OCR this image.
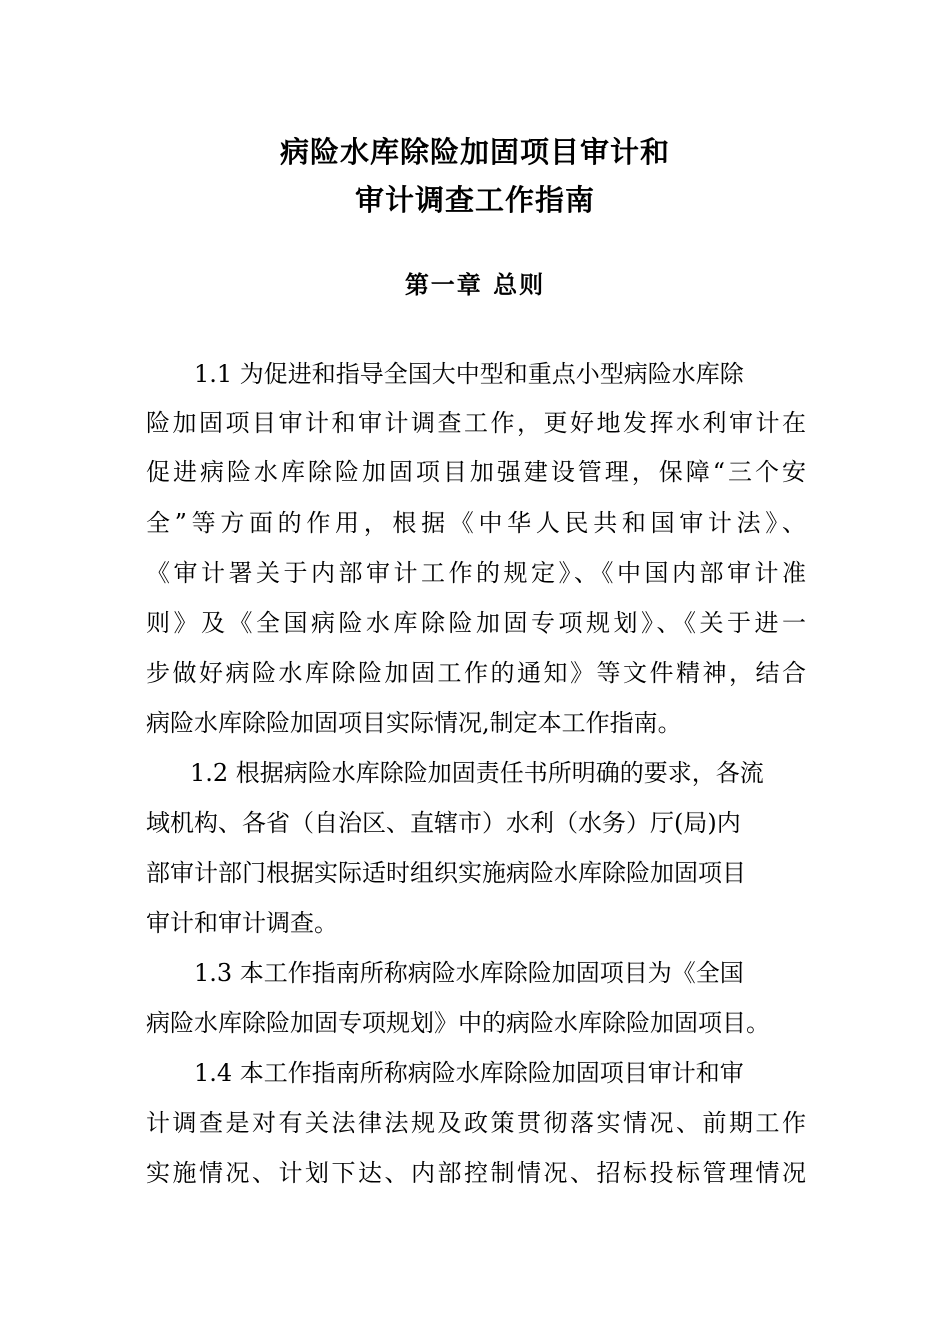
病险水库除险加固项目审计和
审计调查工作指南
第一章 总则
1.1 为促进和指导全国大中型和重点小型病险水库除
险加固项目审计和审计调查工作，更好地发挥水利审计在
促进病险水库除险加固项目加强建设管理，保障“三个安
全”等方面的作用，根据《中华人民共和国审计法》、
《审计署关于内部审计工作的规定》、《中国内部审计准
则》及《全国病险水库除险加固专项规划》、《关于进一
步做好病险水库除险加固工作的通知》等文件精神，结合
病险水库除险加固项目实际情况,制定本工作指南。
1.2 根据病险水库除险加固责任书所明确的要求，各流
域机构、各省（自治区、直辖市）水利（水务）厅(局)内
部审计部门根据实际适时组织实施病险水库除险加固项目
审计和审计调查。
1.3 本工作指南所称病险水库除险加固项目为《全国
病险水库除险加固专项规划》中的病险水库除险加固项目。
1.4 本工作指南所称病险水库除险加固项目审计和审
计调查是对有关法律法规及政策贯彻落实情况、前期工作
实施情况、计划下达、内部控制情况、招标投标管理情况
